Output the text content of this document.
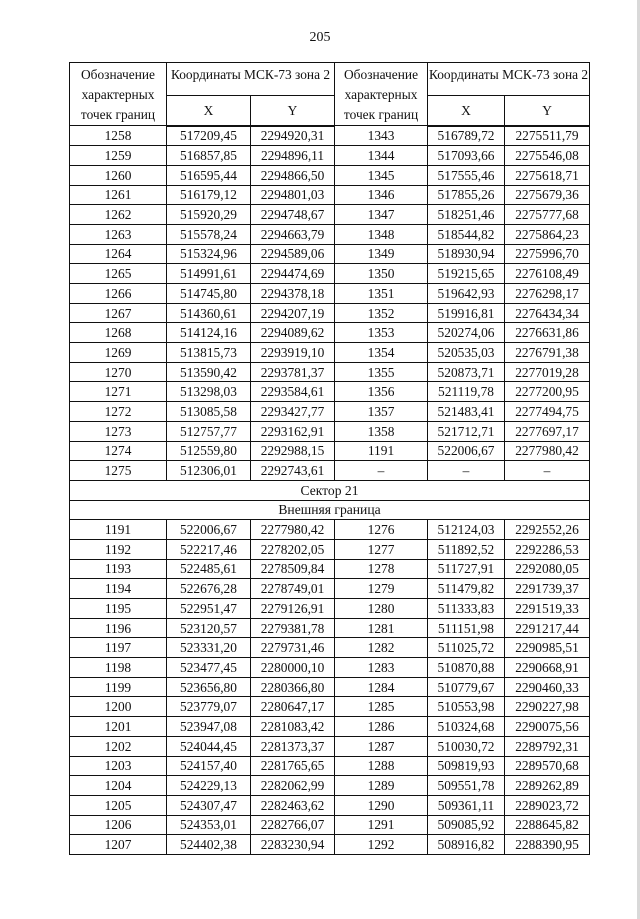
205
Обозначение характерных точек границ	Координаты МСК-73 зона 2		Обозначение характерных точек границ	Координаты МСК-73 зона 2	
	X	Y		X	Y
1258	517209,45	2294920,31	1343	516789,72	2275511,79
1259	516857,85	2294896,11	1344	517093,66	2275546,08
1260	516595,44	2294866,50	1345	517555,46	2275618,71
1261	516179,12	2294801,03	1346	517855,26	2275679,36
1262	515920,29	2294748,67	1347	518251,46	2275777,68
1263	515578,24	2294663,79	1348	518544,82	2275864,23
1264	515324,96	2294589,06	1349	518930,94	2275996,70
1265	514991,61	2294474,69	1350	519215,65	2276108,49
1266	514745,80	2294378,18	1351	519642,93	2276298,17
1267	514360,61	2294207,19	1352	519916,81	2276434,34
1268	514124,16	2294089,62	1353	520274,06	2276631,86
1269	513815,73	2293919,10	1354	520535,03	2276791,38
1270	513590,42	2293781,37	1355	520873,71	2277019,28
1271	513298,03	2293584,61	1356	521119,78	2277200,95
1272	513085,58	2293427,77	1357	521483,41	2277494,75
1273	512757,77	2293162,91	1358	521712,71	2277697,17
1274	512559,80	2292988,15	1191	522006,67	2277980,42
1275	512306,01	2292743,61	–	–	–
Сектор 21					
Внешняя граница					
1191	522006,67	2277980,42	1276	512124,03	2292552,26
1192	522217,46	2278202,05	1277	511892,52	2292286,53
1193	522485,61	2278509,84	1278	511727,91	2292080,05
1194	522676,28	2278749,01	1279	511479,82	2291739,37
1195	522951,47	2279126,91	1280	511333,83	2291519,33
1196	523120,57	2279381,78	1281	511151,98	2291217,44
1197	523331,20	2279731,46	1282	511025,72	2290985,51
1198	523477,45	2280000,10	1283	510870,88	2290668,91
1199	523656,80	2280366,80	1284	510779,67	2290460,33
1200	523779,07	2280647,17	1285	510553,98	2290227,98
1201	523947,08	2281083,42	1286	510324,68	2290075,56
1202	524044,45	2281373,37	1287	510030,72	2289792,31
1203	524157,40	2281765,65	1288	509819,93	2289570,68
1204	524229,13	2282062,99	1289	509551,78	2289262,89
1205	524307,47	2282463,62	1290	509361,11	2289023,72
1206	524353,01	2282766,07	1291	509085,92	2288645,82
1207	524402,38	2283230,94	1292	508916,82	2288390,95
